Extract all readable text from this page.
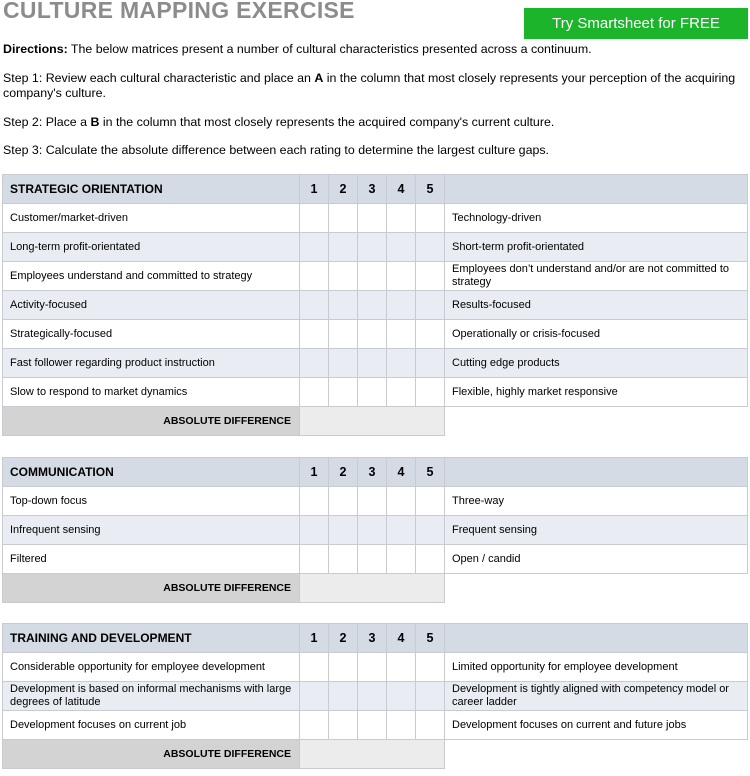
CULTURE MAPPING EXERCISE
Try Smartsheet for FREE
Directions: The below matrices present a number of cultural characteristics presented across a continuum.
Step 1: Review each cultural characteristic and place an A in the column that most closely represents your perception of the acquiring company's culture.
Step 2: Place a B in the column that most closely represents the acquired company's current culture.
Step 3: Calculate the absolute difference between each rating to determine the largest culture gaps.
STRATEGIC ORIENTATION	1	2	3	4	5	
Customer/market-driven						Technology-driven
Long-term profit-orientated						Short-term profit-orientated
Employees understand and committed to strategy						Employees don’t understand and/or are not committed to strategy
Activity-focused						Results-focused
Strategically-focused						Operationally or crisis-focused
Fast follower regarding product instruction						Cutting edge products
Slow to respond to market dynamics						Flexible, highly market responsive
ABSOLUTE DIFFERENCE						
COMMUNICATION	1	2	3	4	5	
Top-down focus						Three-way
Infrequent sensing						Frequent sensing
Filtered						Open / candid
ABSOLUTE DIFFERENCE						
TRAINING AND DEVELOPMENT	1	2	3	4	5	
Considerable opportunity for employee development						Limited opportunity for employee development
Development is based on informal mechanisms with large degrees of latitude						Development is tightly aligned with competency model or career ladder
Development focuses on current job						Development focuses on current and future jobs
ABSOLUTE DIFFERENCE						
